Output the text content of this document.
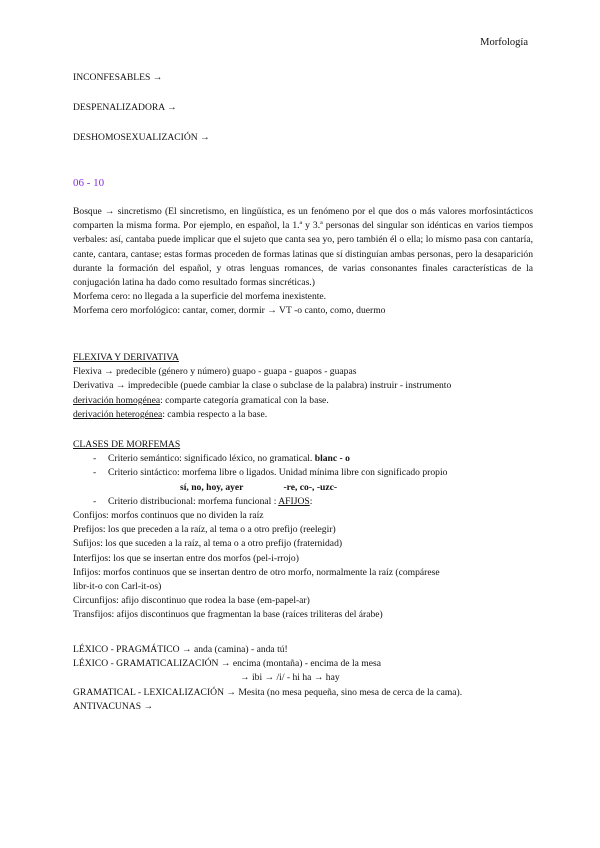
Morfología
INCONFESABLES →
DESPENALIZADORA →
DESHOMOSEXUALIZACIÓN →
06 - 10
Bosque → sincretismo (El sincretismo, en lingüística, es un fenómeno por el que dos o más valores morfosintácticos comparten la misma forma. Por ejemplo, en español, la 1.ª y 3.ª personas del singular son idénticas en varios tiempos verbales: así, cantaba puede implicar que el sujeto que canta sea yo, pero también él o ella; lo mismo pasa con cantaría, cante, cantara, cantase; estas formas proceden de formas latinas que sí distinguían ambas personas, pero la desaparición durante la formación del español, y otras lenguas romances, de varias consonantes finales características de la conjugación latina ha dado como resultado formas sincréticas.)
Morfema cero: no llegada a la superficie del morfema inexistente.
Morfema cero morfológico: cantar, comer, dormir → VT -o canto, como, duermo
FLEXIVA Y DERIVATIVA
Flexiva → predecible (género y número) guapo - guapa - guapos - guapas
Derivativa → impredecible (puede cambiar la clase o subclase de la palabra) instruir - instrumento
derivación homogénea: comparte categoría gramatical con la base.
derivación heterogénea: cambia respecto a la base.
CLASES DE MORFEMAS
- Criterio semántico: significado léxico, no gramatical. blanc - o
- Criterio sintáctico: morfema libre o ligados. Unidad mínima libre con significado propio
sí, no, hoy, ayer	-re, co-, -uzc-
- Criterio distribucional: morfema funcional : AFIJOS:
Confijos: morfos continuos que no dividen la raíz
Prefijos: los que preceden a la raíz, al tema o a otro prefijo (reelegir)
Sufijos: los que suceden a la raíz, al tema o a otro prefijo (fraternidad)
Interfijos: los que se insertan entre dos morfos (pel-i-rrojo)
Infijos: morfos continuos que se insertan dentro de otro morfo, normalmente la raíz (compárese
libr-it-o con Carl-it-os)
Circunfijos: afijo discontinuo que rodea la base (em-papel-ar)
Transfijos: afijos discontinuos que fragmentan la base (raíces triliteras del árabe)
LÉXICO - PRAGMÁTICO → anda (camina) - anda tú!
LÉXICO - GRAMATICALIZACIÓN → encima (montaña) - encima de la mesa
→ ibi → /i/ - hi ha → hay
GRAMATICAL - LEXICALIZACIÓN → Mesita (no mesa pequeña, sino mesa de cerca de la cama).
ANTIVACUNAS →
